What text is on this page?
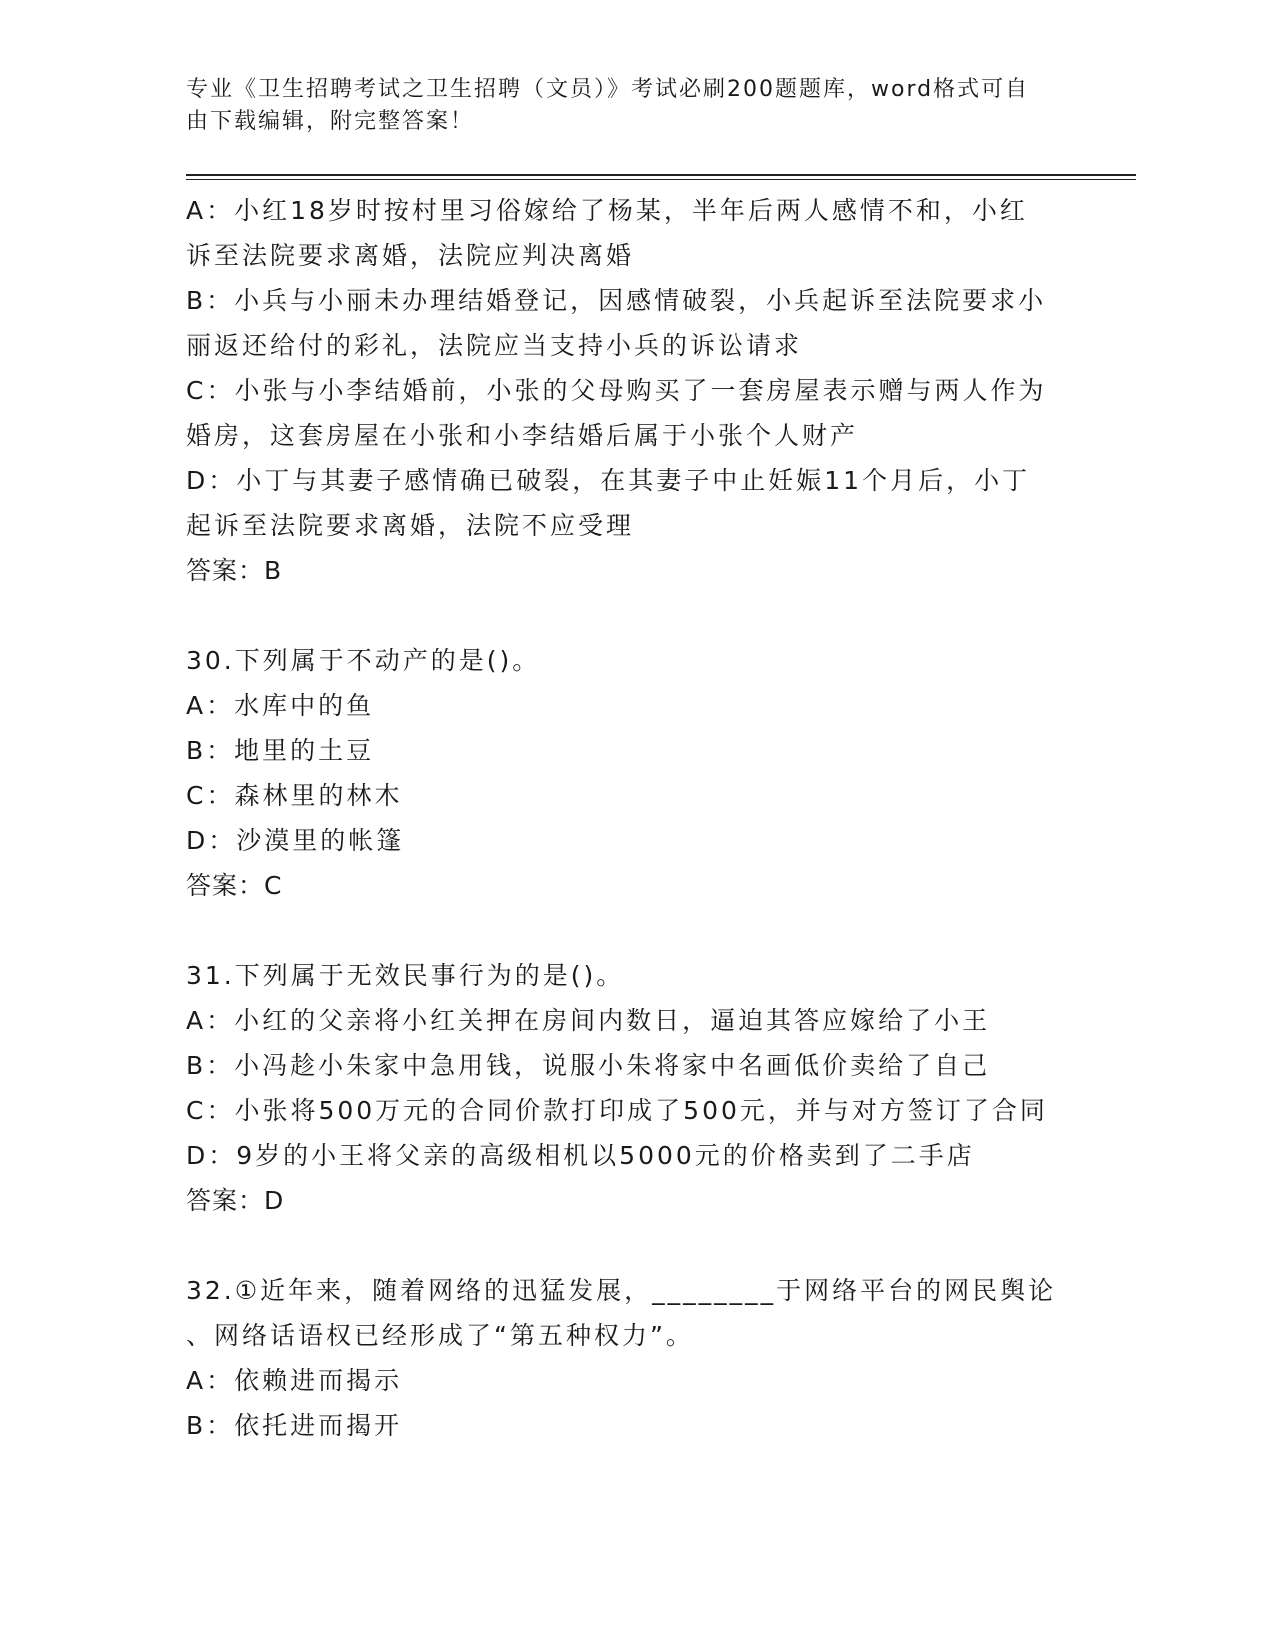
专业《卫生招聘考试之卫生招聘（文员）》考试必刷200题题库，word格式可自
由下载编辑，附完整答案！
A：小红18岁时按村里习俗嫁给了杨某，半年后两人感情不和，小红
诉至法院要求离婚，法院应判决离婚
B：小兵与小丽未办理结婚登记，因感情破裂，小兵起诉至法院要求小
丽返还给付的彩礼，法院应当支持小兵的诉讼请求
C：小张与小李结婚前，小张的父母购买了一套房屋表示赠与两人作为
婚房，这套房屋在小张和小李结婚后属于小张个人财产
D：小丁与其妻子感情确已破裂，在其妻子中止妊娠11个月后，小丁
起诉至法院要求离婚，法院不应受理
答案：B
30.下列属于不动产的是()。
A：水库中的鱼
B：地里的土豆
C：森林里的林木
D：沙漠里的帐篷
答案：C
31.下列属于无效民事行为的是()。
A：小红的父亲将小红关押在房间内数日，逼迫其答应嫁给了小王
B：小冯趁小朱家中急用钱，说服小朱将家中名画低价卖给了自己
C：小张将500万元的合同价款打印成了500元，并与对方签订了合同
D：9岁的小王将父亲的高级相机以5000元的价格卖到了二手店
答案：D
32.①近年来，随着网络的迅猛发展，________于网络平台的网民舆论
、网络话语权已经形成了“第五种权力”。
A：依赖进而揭示
B：依托进而揭开
